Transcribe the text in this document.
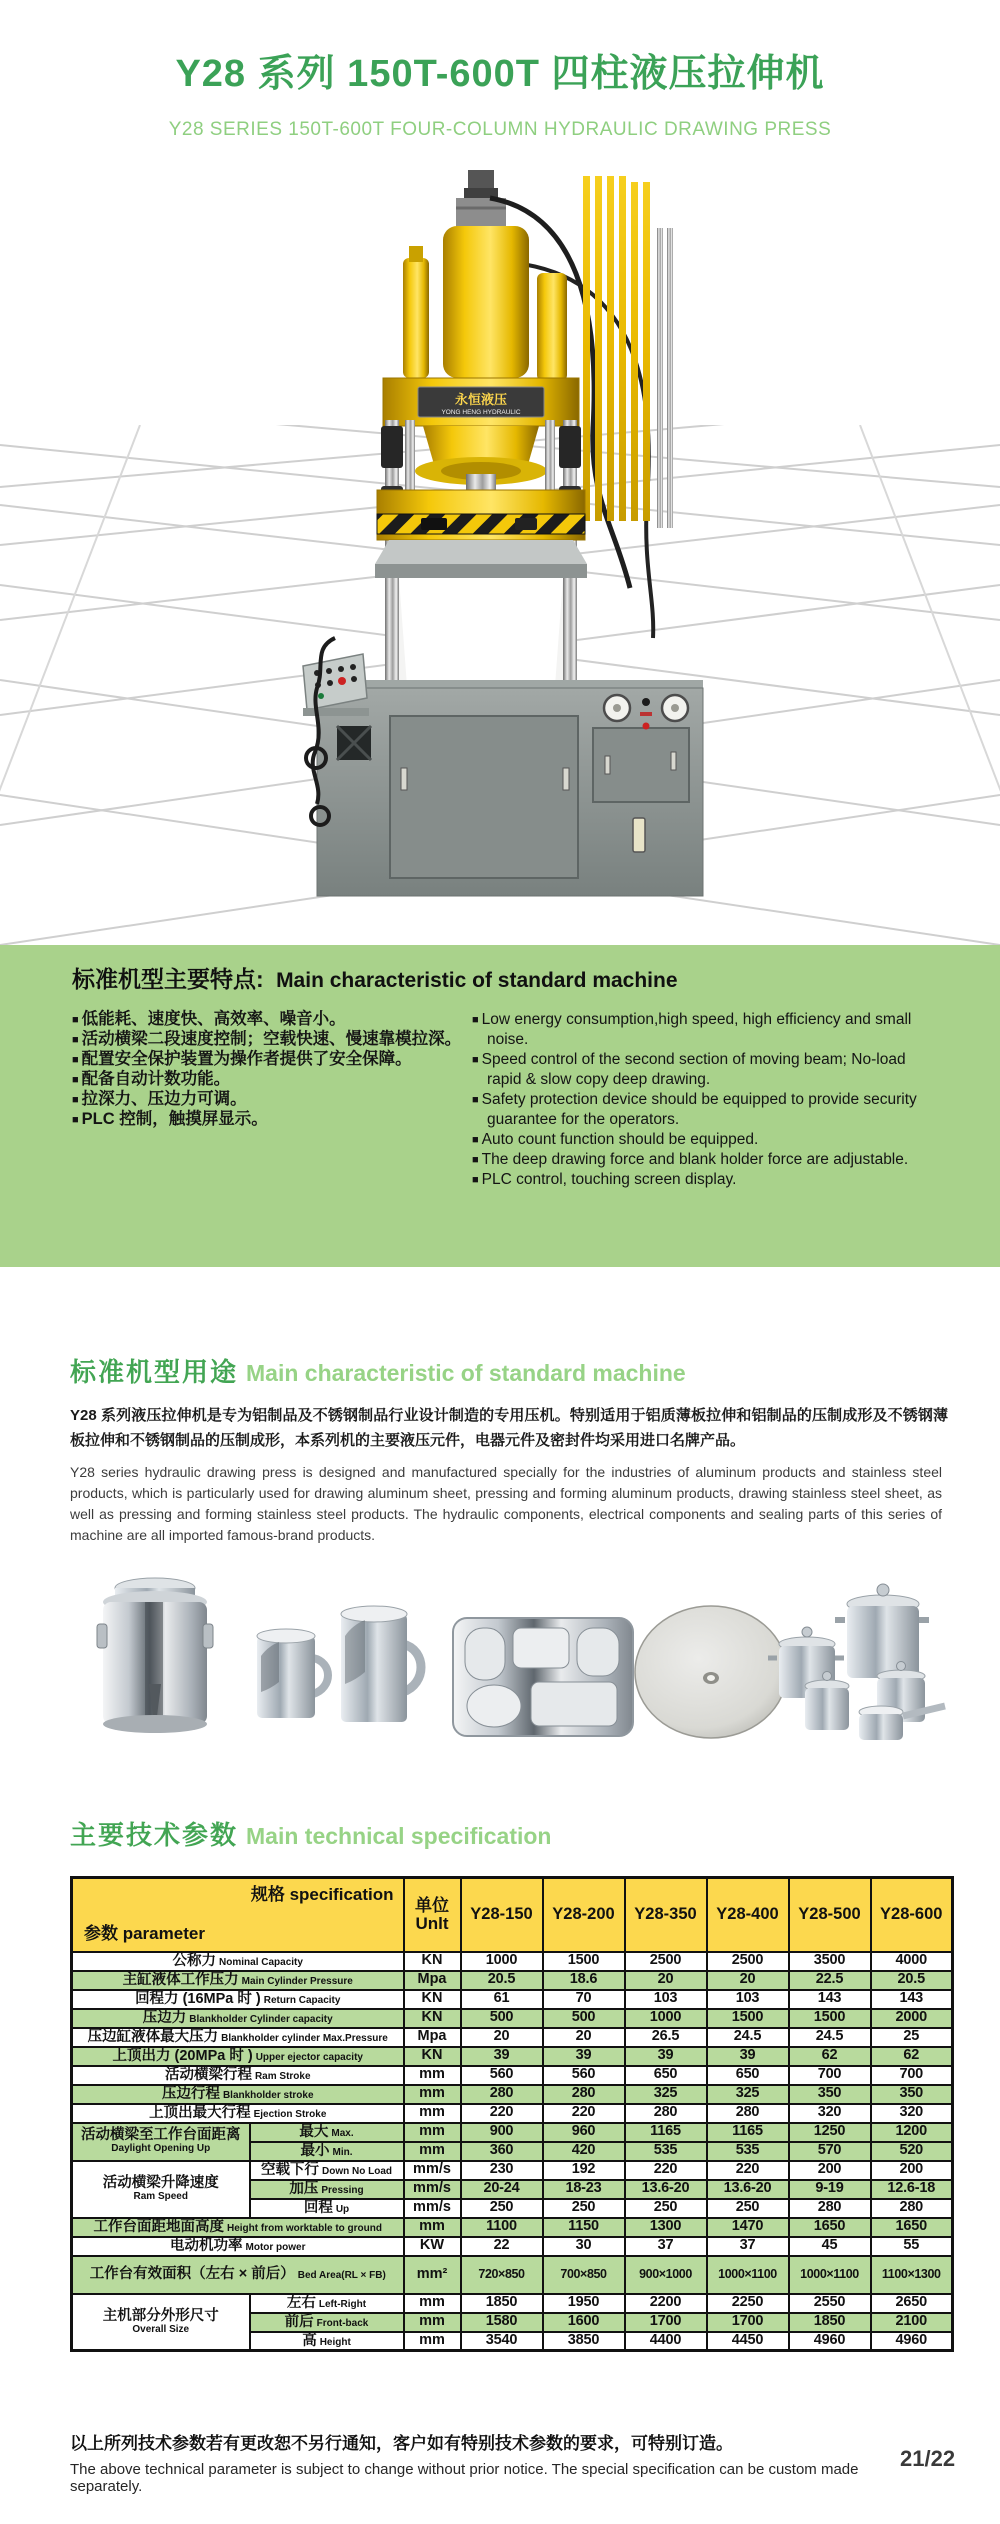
Y28 系列 150T-600T 四柱液压拉伸机
Y28 SERIES 150T-600T FOUR-COLUMN HYDRAULIC DRAWING PRESS
永恒液压
YONG HENG HYDRAULIC
标准机型主要特点: Main characteristic of standard machine
■ 低能耗、速度快、高效率、噪音小。
■ 活动横梁二段速度控制；空载快速、慢速靠模拉深。
■ 配置安全保护装置为操作者提供了安全保障。
■ 配备自动计数功能。
■ 拉深力、压边力可调。
■ PLC 控制，触摸屏显示。
■ Low energy consumption,high speed, high efficiency and small noise.
■ Speed control of the second section of moving beam; No-load rapid & slow copy deep drawing.
■ Safety protection device should be equipped to provide security guarantee for the operators.
■ Auto count function should be equipped.
■ The deep drawing force and blank holder force are adjustable.
■ PLC control, touching screen display.
标准机型用途 Main characteristic of standard machine
Y28 系列液压拉伸机是专为铝制品及不锈钢制品行业设计制造的专用压机。特别适用于铝质薄板拉伸和铝制品的压制成形及不锈钢薄板拉伸和不锈钢制品的压制成形，本系列机的主要液压元件，电器元件及密封件均采用进口名牌产品。
Y28 series hydraulic drawing press is designed and manufactured specially for the industries of aluminum products and stainless steel products, which is particularly used for drawing aluminum sheet, pressing and forming aluminum products, drawing stainless steel sheet, as well as pressing and forming stainless steel products. The hydraulic components, electrical components and sealing parts of this series of machine are all imported famous-brand products.
主要技术参数 Main technical specification
规格 specification
参数 parameter

单位
Unlt	Y28-150	Y28-200	Y28-350	Y28-400	Y28-500	Y28-600
公称力 Nominal Capacity		KN	1000	1500	2500	2500	3500	4000
主缸液体工作压力 Main Cylinder Pressure		Mpa	20.5	18.6	20	20	22.5	20.5
回程力 (16MPa 时 ) Return Capacity		KN	61	70	103	103	143	143
压边力 Blankholder Cylinder capacity		KN	500	500	1000	1500	1500	2000
压边缸液体最大压力 Blankholder cylinder Max.Pressure		Mpa	20	20	26.5	24.5	24.5	25
上顶出力 (20MPa 时 ) Upper ejector capacity		KN	39	39	39	39	62	62
活动横梁行程 Ram Stroke		mm	560	560	650	650	700	700
压边行程 Blankholder stroke		mm	280	280	325	325	350	350
上顶出最大行程 Ejection Stroke		mm	220	220	280	280	320	320

活动横梁至工作台面距离
Daylight Opening Up	最大 Max.	mm	900	960	1165	1165	1250	1200
	最小 Min.	mm	360	420	535	535	570	520

活动横梁升降速度
Ram Speed	空载下行 Down No Load	mm/s	230	192	220	220	200	200
	加压 Pressing	mm/s	20-24	18-23	13.6-20	13.6-20	9-19	12.6-18
	回程 Up	mm/s	250	250	250	250	280	280
工作台面距地面高度 Height from worktable to ground		mm	1100	1150	1300	1470	1650	1650
电动机功率 Motor power		KW	22	30	37	37	45	55
工作台有效面积（左右 × 前后） Bed Area(RL × FB)		mm²	720×850	700×850	900×1000	1000×1100	1000×1100	1100×1300

主机部分外形尺寸
Overall Size	左右 Left-Right	mm	1850	1950	2200	2250	2550	2650
	前后 Front-back	mm	1580	1600	1700	1700	1850	2100
	高 Height	mm	3540	3850	4400	4450	4960	4960
以上所列技术参数若有更改恕不另行通知，客户如有特别技术参数的要求，可特别订造。
The above technical parameter is subject to change without prior notice. The special specification can be custom made separately.
21/22
